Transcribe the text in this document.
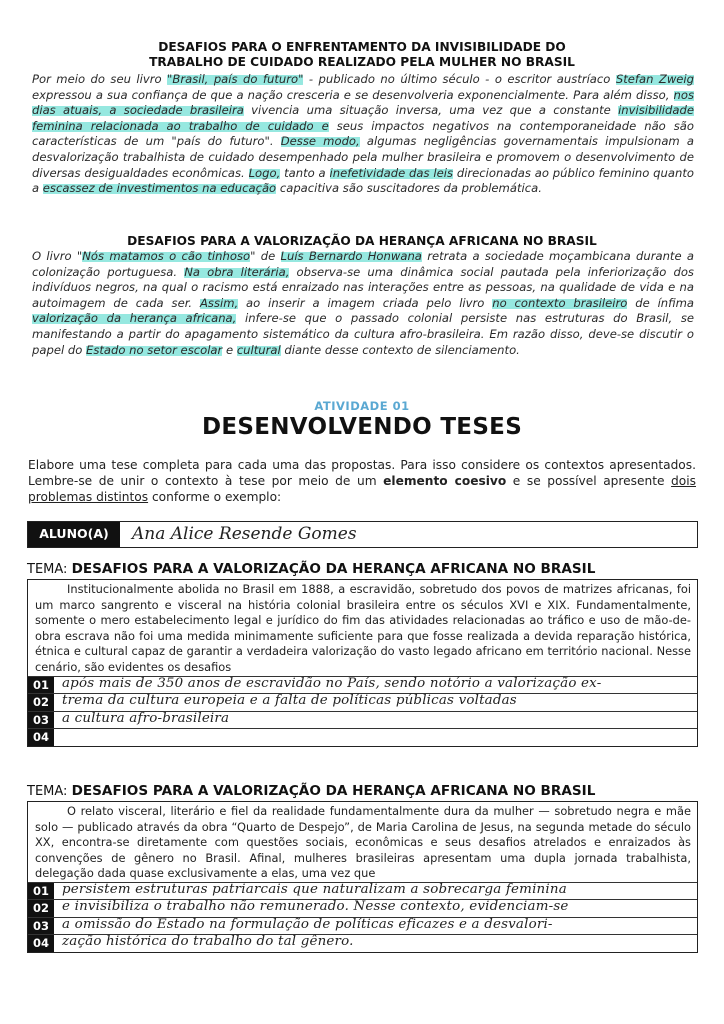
DESAFIOS PARA O ENFRENTAMENTO DA INVISIBILIDADE DO
TRABALHO DE CUIDADO REALIZADO PELA MULHER NO BRASIL

Por meio do seu livro "Brasil, país do futuro" - publicado no último século - o escritor austríaco Stefan Zweig expressou a sua confiança de que a nação cresceria e se desenvolveria exponencialmente. Para além disso, nos dias atuais, a sociedade brasileira vivencia uma situação inversa, uma vez que a constante invisibilidade feminina relacionada ao trabalho de cuidado e seus impactos negativos na contemporaneidade não são características de um "país do futuro". Desse modo, algumas negligências governamentais impulsionam a desvalorização trabalhista de cuidado desempenhado pela mulher brasileira e promovem o desenvolvimento de diversas desigualdades econômicas. Logo, tanto a inefetividade das leis direcionadas ao público feminino quanto a escassez de investimentos na educação capacitiva são suscitadores da problemática.

DESAFIOS PARA A VALORIZAÇÃO DA HERANÇA AFRICANA NO BRASIL

O livro "Nós matamos o cão tinhoso" de Luís Bernardo Honwana retrata a sociedade moçambicana durante a colonização portuguesa. Na obra literária, observa-se uma dinâmica social pautada pela inferiorização dos indivíduos negros, na qual o racismo está enraizado nas interações entre as pessoas, na qualidade de vida e na autoimagem de cada ser. Assim, ao inserir a imagem criada pelo livro no contexto brasileiro de ínfima valorização da herança africana, infere-se que o passado colonial persiste nas estruturas do Brasil, se manifestando a partir do apagamento sistemático da cultura afro-brasileira. Em razão disso, deve-se discutir o papel do Estado no setor escolar e cultural diante desse contexto de silenciamento.

ATIVIDADE 01
DESENVOLVENDO TESES

Elabore uma tese completa para cada uma das propostas. Para isso considere os contextos apresentados. Lembre-se de unir o contexto à tese por meio de um elemento coesivo e se possível apresente dois problemas distintos conforme o exemplo:

ALUNO(A)	Ana Alice Resende Gomes
TEMA: DESAFIOS PARA A VALORIZAÇÃO DA HERANÇA AFRICANA NO BRASIL

Institucionalmente abolida no Brasil em 1888, a escravidão, sobretudo dos povos de matrizes africanas, foi um marco sangrento e visceral na história colonial brasileira entre os séculos XVI e XIX. Fundamentalmente, somente o mero estabelecimento legal e jurídico do fim das atividades relacionadas ao tráfico e uso de mão-de-obra escrava não foi uma medida minimamente suficiente para que fosse realizada a devida reparação histórica, étnica e cultural capaz de garantir a verdadeira valorização do vasto legado africano em território nacional. Nesse cenário, são evidentes os desafios

01 após mais de 350 anos de escravidão no País, sendo notório a valorização ex-
02 trema da cultura europeia e a falta de políticas públicas voltadas
03 a cultura afro-brasileira
04
TEMA: DESAFIOS PARA A VALORIZAÇÃO DA HERANÇA AFRICANA NO BRASIL

O relato visceral, literário e fiel da realidade fundamentalmente dura da mulher — sobretudo negra e mãe solo — publicado através da obra “Quarto de Despejo”, de Maria Carolina de Jesus, na segunda metade do século XX, encontra-se diretamente com questões sociais, econômicas e seus desafios atrelados e enraizados às convenções de gênero no Brasil. Afinal, mulheres brasileiras apresentam uma dupla jornada trabalhista, delegação dada quase exclusivamente a elas, uma vez que

01 persistem estruturas patriarcais que naturalizam a sobrecarga feminina
02 e invisibiliza o trabalho não remunerado. Nesse contexto, evidenciam-se
03 a omissão do Estado na formulação de políticas eficazes e a desvalori-
04 zação histórica do trabalho do tal gênero.
